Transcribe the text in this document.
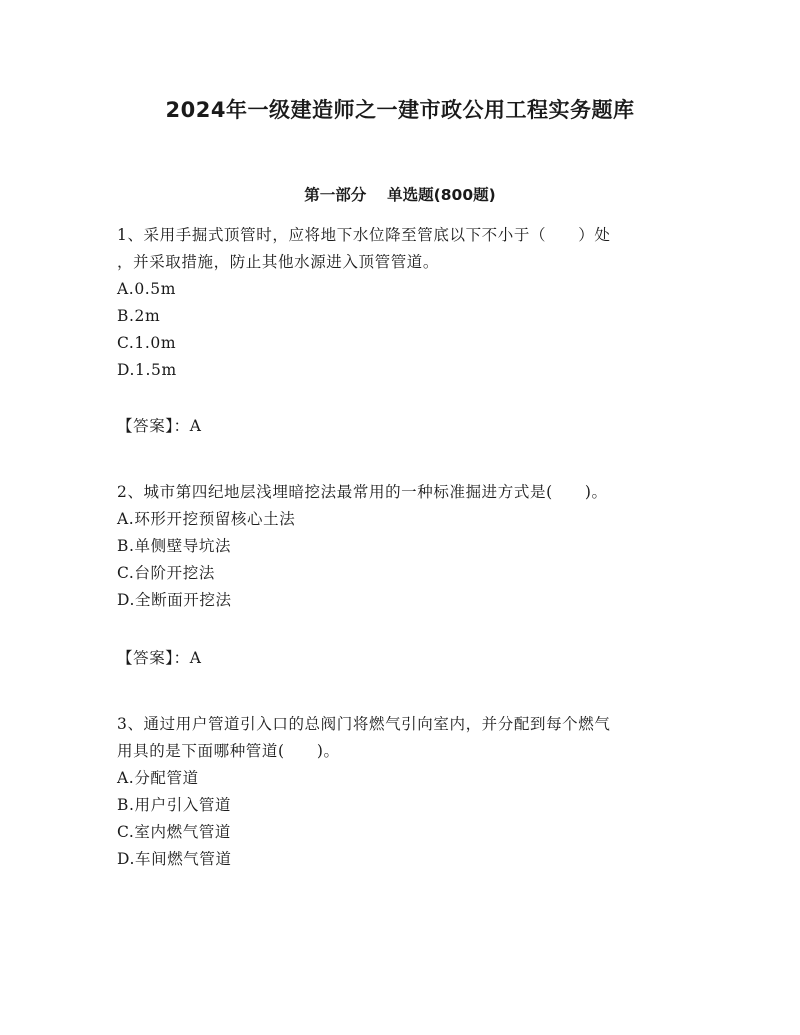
2024年一级建造师之一建市政公用工程实务题库
第一部分　 单选题(800题)

1、采用手掘式顶管时，应将地下水位降至管底以下不小于（　　）处

，并采取措施，防止其他水源进入顶管管道。

A.0.5m

B.2m

C.1.0m

D.1.5m

【答案】：A

2、城市第四纪地层浅埋暗挖法最常用的一种标准掘进方式是(　　)。

A.环形开挖预留核心土法

B.单侧壁导坑法

C.台阶开挖法

D.全断面开挖法

【答案】：A

3、通过用户管道引入口的总阀门将燃气引向室内，并分配到每个燃气

用具的是下面哪种管道(　　)。

A.分配管道

B.用户引入管道

C.室内燃气管道

D.车间燃气管道
